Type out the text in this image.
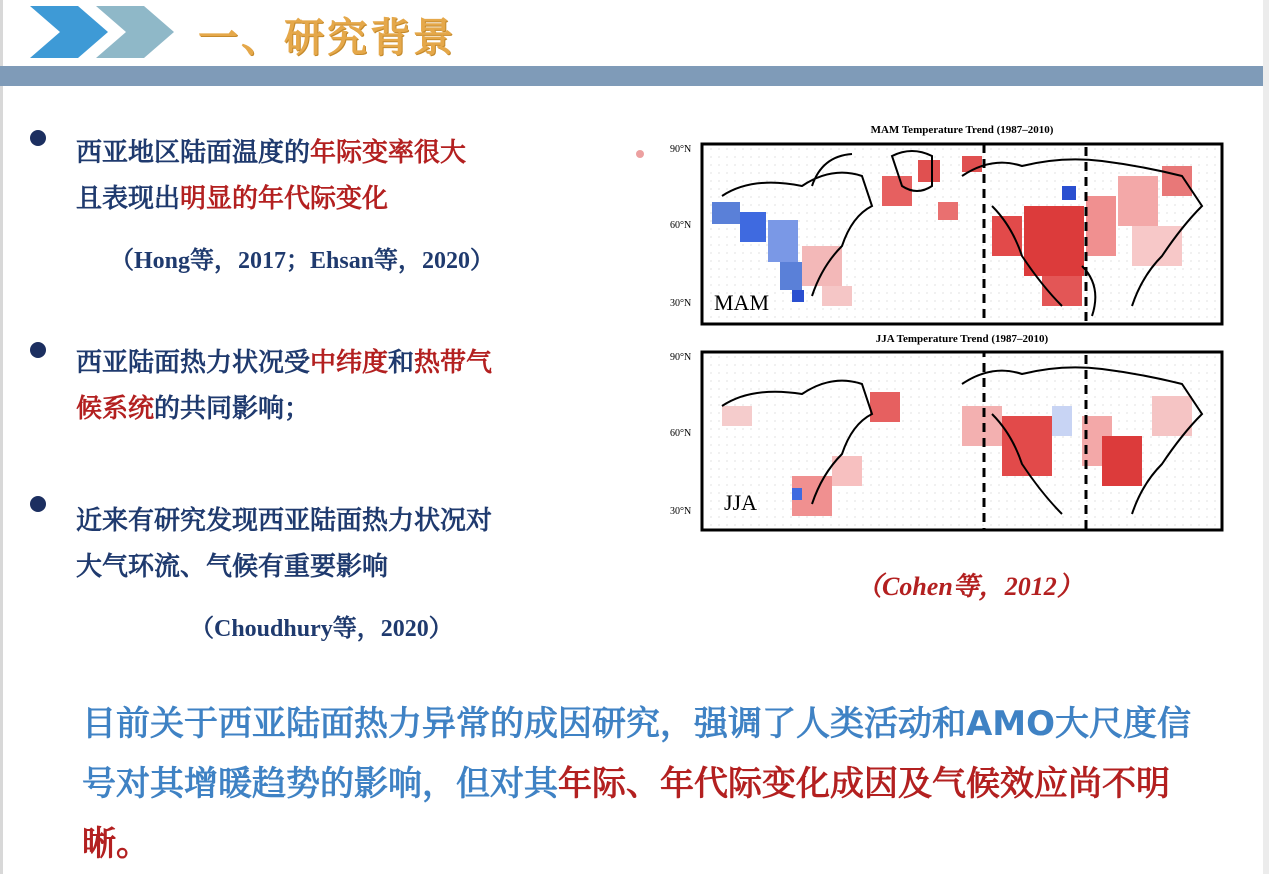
一、研究背景
西亚地区陆面温度的年际变率很大
且表现出明显的年代际变化
（Hong等，2017；Ehsan等，2020）
西亚陆面热力状况受中纬度和热带气
候系统的共同影响；
近来有研究发现西亚陆面热力状况对
大气环流、气候有重要影响
（Choudhury等，2020）
MAM Temperature Trend (1987–2010)
90°N
60°N
30°N MAM
JJA Temperature Trend (1987–2010)
90°N
60°N
30°N JJA
（Cohen等，2012）
目前关于西亚陆面热力异常的成因研究，强调了人类活动和AMO大尺度信号对其增暖趋势的影响，但对其年际、年代际变化成因及气候效应尚不明晰。
